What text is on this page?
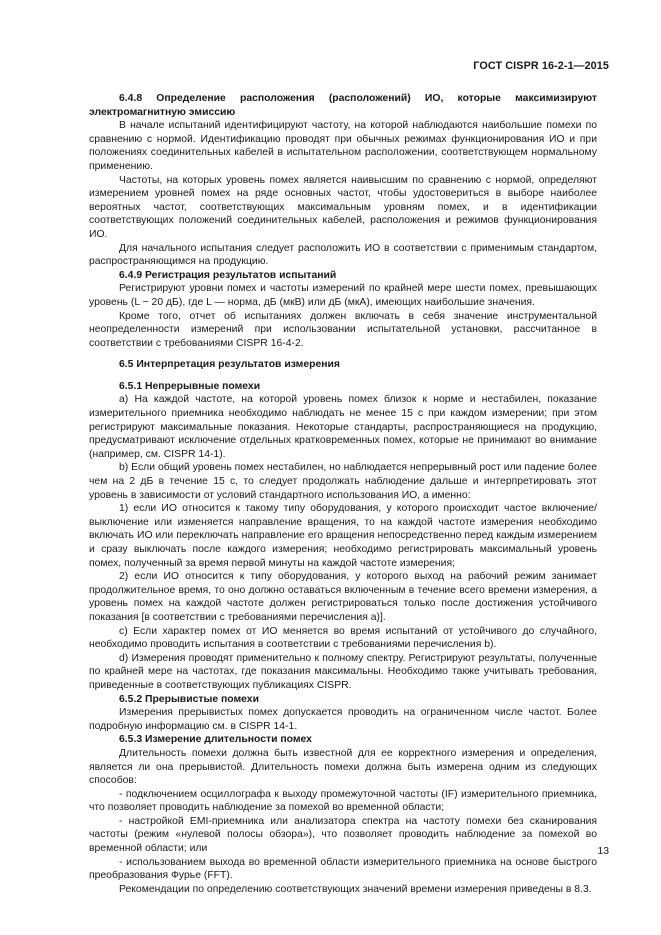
ГОСТ CISPR 16-2-1—2015

6.4.8 Определение расположения (расположений) ИО, которые максимизируют электромагнитную эмиссию

В начале испытаний идентифицируют частоту, на которой наблюдаются наибольшие помехи по сравнению с нормой. Идентификацию проводят при обычных режимах функционирования ИО и при положениях соединительных кабелей в испытательном расположении, соответствующем нормальному применению.

Частоты, на которых уровень помех является наивысшим по сравнению с нормой, определяют измерением уровней помех на ряде основных частот, чтобы удостовериться в выборе наиболее вероятных частот, соответствующих максимальным уровням помех, и в идентификации соответствующих положений соединительных кабелей, расположения и режимов функционирования ИО.

Для начального испытания следует расположить ИО в соответствии с применимым стандартом, распространяющимся на продукцию.

6.4.9 Регистрация результатов испытаний

Регистрируют уровни помех и частоты измерений по крайней мере шести помех, превышающих уровень (L − 20 дБ), где L — норма, дБ (мкВ) или дБ (мкА), имеющих наибольшие значения.

Кроме того, отчет об испытаниях должен включать в себя значение инструментальной неопределенности измерений при использовании испытательной установки, рассчитанное в соответствии с требованиями CISPR 16-4-2.

6.5 Интерпретация результатов измерения

6.5.1 Непрерывные помехи

а) На каждой частоте, на которой уровень помех близок к норме и нестабилен, показание измерительного приемника необходимо наблюдать не менее 15 с при каждом измерении; при этом регистрируют максимальные показания. Некоторые стандарты, распространяющиеся на продукцию, предусматривают исключение отдельных кратковременных помех, которые не принимают во внимание (например, см. CISPR 14-1).

b) Если общий уровень помех нестабилен, но наблюдается непрерывный рост или падение более чем на 2 дБ в течение 15 с, то следует продолжать наблюдение дальше и интерпретировать этот уровень в зависимости от условий стандартного использования ИО, а именно:

1) если ИО относится к такому типу оборудования, у которого происходит частое включение/выключение или изменяется направление вращения, то на каждой частоте измерения необходимо включать ИО или переключать направление его вращения непосредственно перед каждым измерением и сразу выключать после каждого измерения; необходимо регистрировать максимальный уровень помех, полученный за время первой минуты на каждой частоте измерения;

2) если ИО относится к типу оборудования, у которого выход на рабочий режим занимает продолжительное время, то оно должно оставаться включенным в течение всего времени измерения, а уровень помех на каждой частоте должен регистрироваться только после достижения устойчивого показания [в соответствии с требованиями перечисления а)].

c) Если характер помех от ИО меняется во время испытаний от устойчивого до случайного, необходимо проводить испытания в соответствии с требованиями перечисления b).

d) Измерения проводят применительно к полному спектру. Регистрируют результаты, полученные по крайней мере на частотах, где показания максимальны. Необходимо также учитывать требования, приведенные в соответствующих публикациях CISPR.

6.5.2 Прерывистые помехи

Измерения прерывистых помех допускается проводить на ограниченном числе частот. Более подробную информацию см. в CISPR 14-1.

6.5.3 Измерение длительности помех

Длительность помехи должна быть известной для ее корректного измерения и определения, является ли она прерывистой. Длительность помехи должна быть измерена одним из следующих способов:

- подключением осциллографа к выходу промежуточной частоты (IF) измерительного приемника, что позволяет проводить наблюдение за помехой во временной области;

- настройкой EMI-приемника или анализатора спектра на частоту помехи без сканирования частоты (режим «нулевой полосы обзора»), что позволяет проводить наблюдение за помехой во временной области; или

- использованием выхода во временной области измерительного приемника на основе быстрого преобразования Фурье (FFT).

Рекомендации по определению соответствующих значений времени измерения приведены в 8.3.

13
